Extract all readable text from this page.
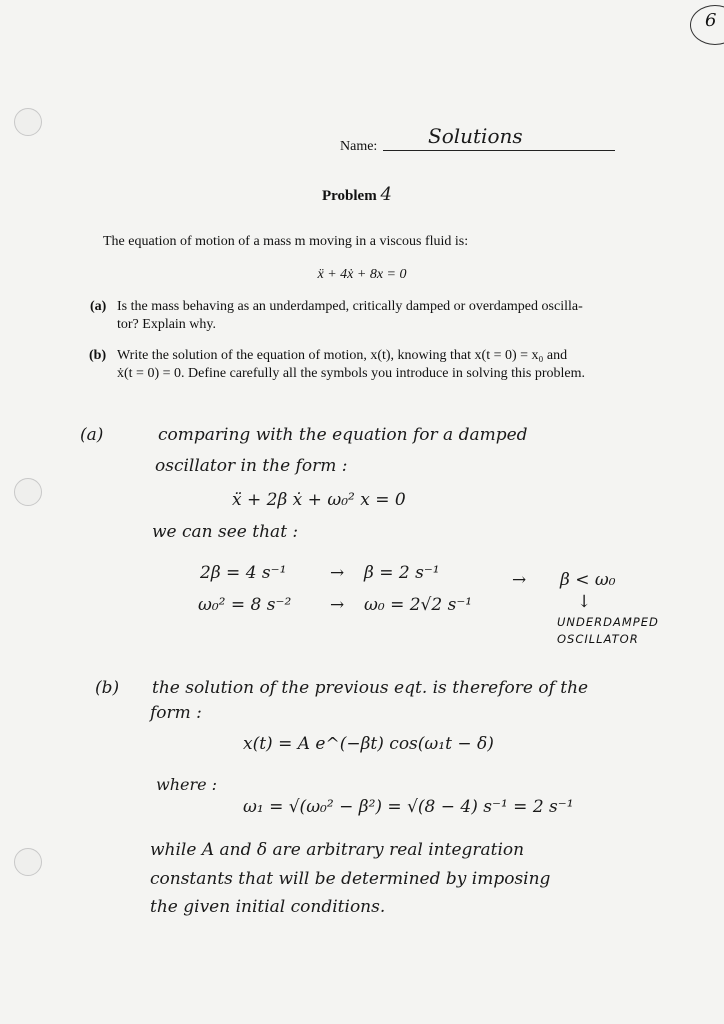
6
Name:	Solutions
Problem 4
The equation of motion of a mass m moving in a viscous fluid is:
ẍ + 4ẋ + 8x = 0
(a) Is the mass behaving as an underdamped, critically damped or overdamped oscilla-
tor? Explain why.
(b) Write the solution of the equation of motion, x(t), knowing that x(t = 0) = x₀ and
ẋ(t = 0) = 0. Define carefully all the symbols you introduce in solving this problem.
(a)	comparing with the equation for a damped
oscillator in the form :
ẍ + 2β ẋ + ω₀² x = 0
we can see that :
2β = 4 s⁻¹	→ β = 2 s⁻¹
ω₀² = 8 s⁻² → ω₀ = 2√2 s⁻¹
→ β < ω₀
↓
UNDERDAMPED
OSCILLATOR
(b) the solution of the previous eqt. is therefore of the
form :
x(t) = A e^(−βt) cos(ω₁t − δ)
where :
ω₁ = √(ω₀² − β²) = √(8 − 4) s⁻¹ = 2 s⁻¹
while A and δ are arbitrary real integration
constants that will be determined by imposing
the given initial conditions.
